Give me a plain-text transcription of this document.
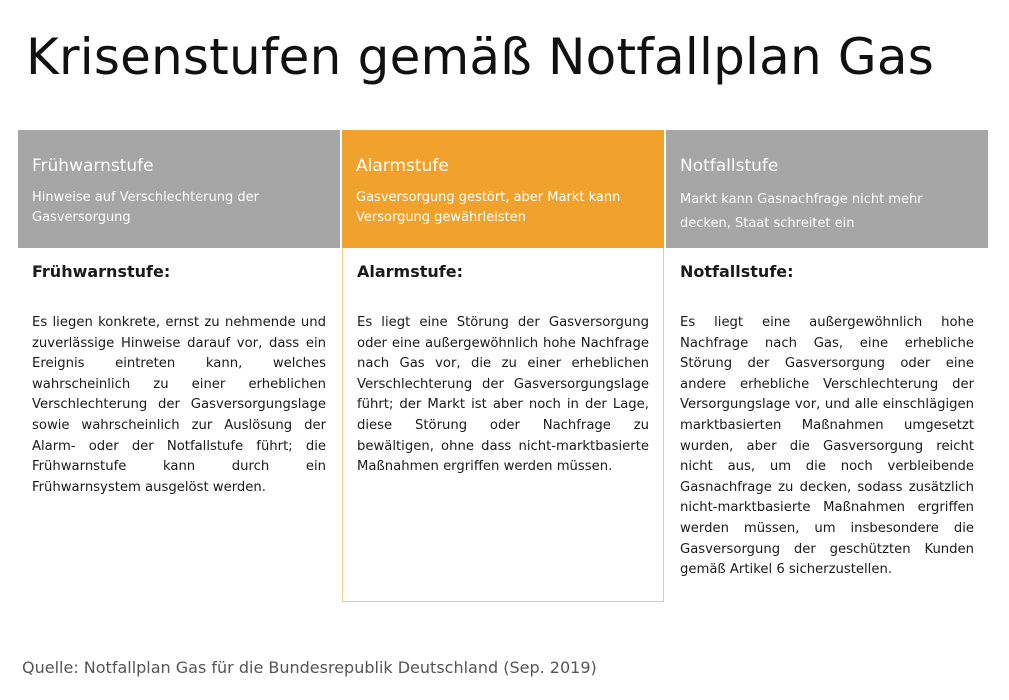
Krisenstufen gemäß Notfallplan Gas
Frühwarnstufe
Hinweise auf Verschlechterung der Gasversorgung
Frühwarnstufe:
Es liegen konkrete, ernst zu nehmende und zuverlässige Hinweise darauf vor, dass ein Ereignis eintreten kann, welches wahrscheinlich zu einer erheblichen Verschlechterung der Gasversorgungslage sowie wahrscheinlich zur Auslösung der Alarm- oder der Notfallstufe führt; die Frühwarnstufe kann durch ein Frühwarnsystem ausgelöst werden.
Alarmstufe
Gasversorgung gestört, aber Markt kann Versorgung gewährleisten
Alarmstufe:
Es liegt eine Störung der Gasversorgung oder eine außergewöhnlich hohe Nachfrage nach Gas vor, die zu einer erheblichen Verschlechterung der Gasversorgungslage führt; der Markt ist aber noch in der Lage, diese Störung oder Nachfrage zu bewältigen, ohne dass nicht-marktbasierte Maßnahmen ergriffen werden müssen.
Notfallstufe
Markt kann Gasnachfrage nicht mehr decken, Staat schreitet ein
Notfallstufe:
Es liegt eine außergewöhnlich hohe Nachfrage nach Gas, eine erhebliche Störung der Gasversorgung oder eine andere erhebliche Verschlechterung der Versorgungslage vor, und alle einschlägigen marktbasierten Maßnahmen umgesetzt wurden, aber die Gasversorgung reicht nicht aus, um die noch verbleibende Gasnachfrage zu decken, sodass zusätzlich nicht-marktbasierte Maßnahmen ergriffen werden müssen, um insbesondere die Gasversorgung der geschützten Kunden gemäß Artikel 6 sicherzustellen.
Quelle: Notfallplan Gas für die Bundesrepublik Deutschland (Sep. 2019)
